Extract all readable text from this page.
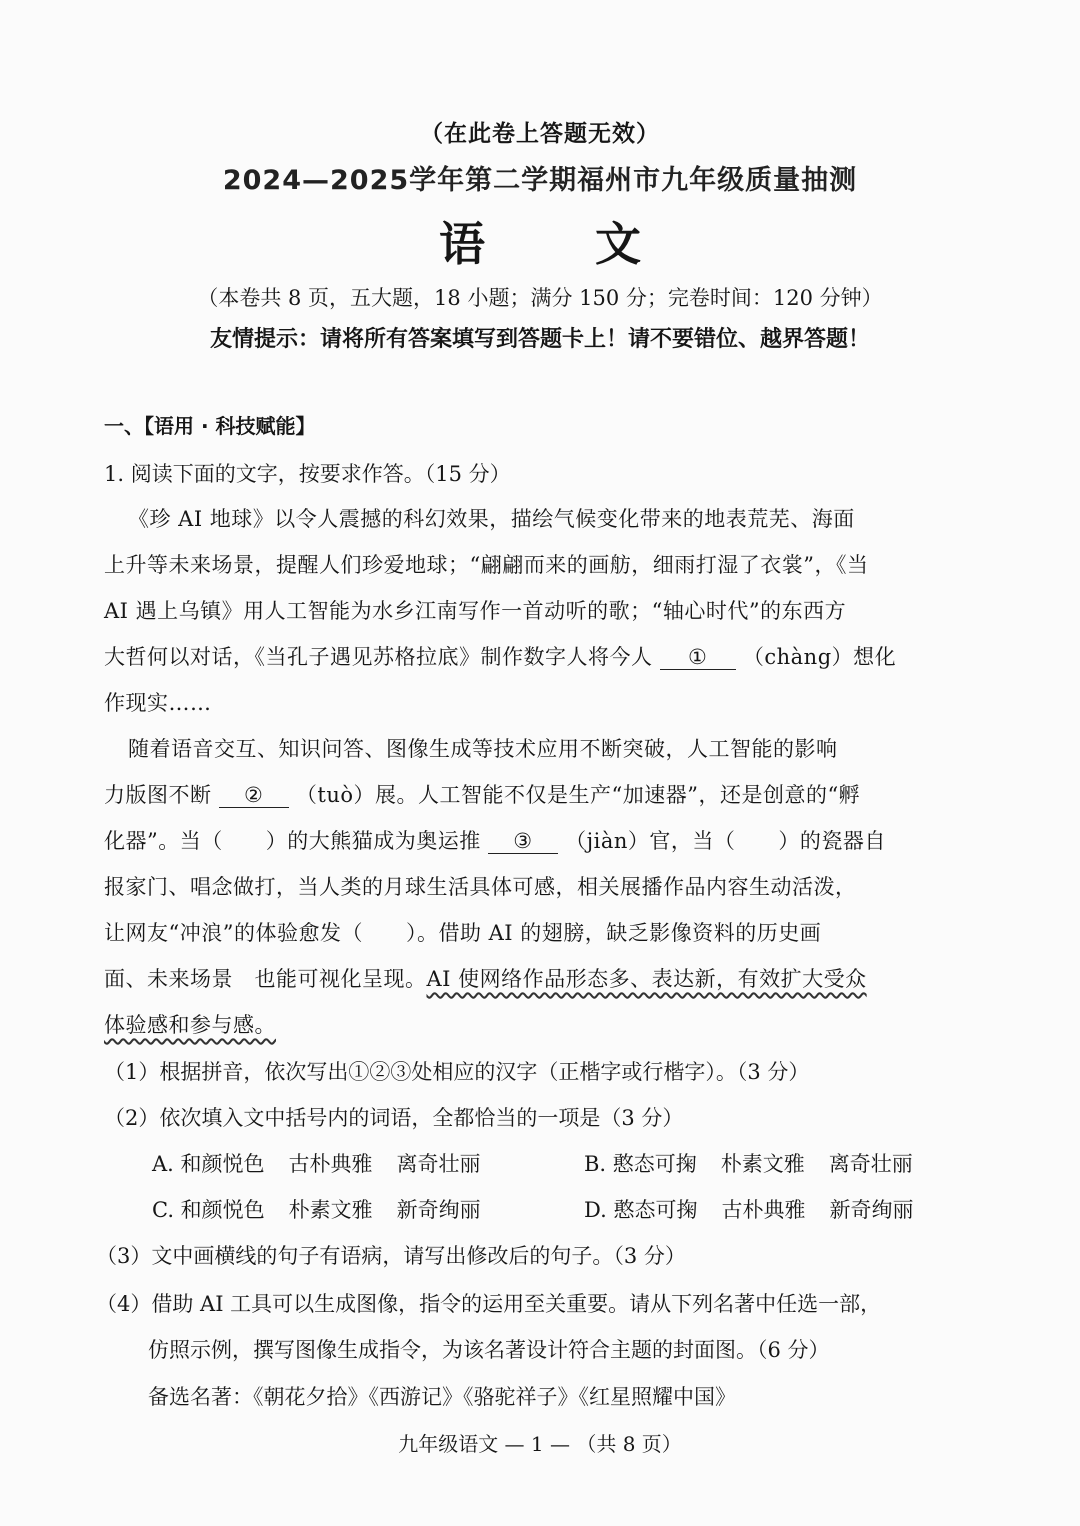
（在此卷上答题无效）
2024—2025学年第二学期福州市九年级质量抽测
语 文
（本卷共 8 页，五大题，18 小题；满分 150 分；完卷时间：120 分钟）
友情提示：请将所有答案填写到答题卡上！请不要错位、越界答题！
一、【语用 · 科技赋能】
1. 阅读下面的文字，按要求作答。（15 分）
《珍 AI 地球》以令人震撼的科幻效果，描绘气候变化带来的地表荒芜、海面
上升等未来场景，提醒人们珍爱地球；“翩翩而来的画舫，细雨打湿了衣裳”，《当
AI 遇上乌镇》用人工智能为水乡江南写作一首动听的歌；“轴心时代”的东西方
大哲何以对话，《当孔子遇见苏格拉底》制作数字人将今人 ① （chàng）想化
作现实……
随着语音交互、知识问答、图像生成等技术应用不断突破，人工智能的影响
力版图不断 ② （tuò）展。人工智能不仅是生产“加速器”，还是创意的“孵
化器”。当（　　）的大熊猫成为奥运推 ③ （jiàn）官，当（　　）的瓷器自
报家门、唱念做打，当人类的月球生活具体可感，相关展播作品内容生动活泼，
让网友“冲浪”的体验愈发（　　）。借助 AI 的翅膀，缺乏影像资料的历史画
面、未来场景　也能可视化呈现。AI 使网络作品形态多、表达新，有效扩大受众
体验感和参与感。
（1）根据拼音，依次写出①②③处相应的汉字（正楷字或行楷字）。（3 分）
（2）依次填入文中括号内的词语，全都恰当的一项是（3 分）
A. 和颜悦色 古朴典雅 离奇壮丽	B. 憨态可掬 朴素文雅 离奇壮丽
C. 和颜悦色 朴素文雅 新奇绚丽	D. 憨态可掬 古朴典雅 新奇绚丽
（3）文中画横线的句子有语病，请写出修改后的句子。（3 分）
（4）借助 AI 工具可以生成图像，指令的运用至关重要。请从下列名著中任选一部，
仿照示例，撰写图像生成指令，为该名著设计符合主题的封面图。（6 分）
备选名著：《朝花夕拾》《西游记》《骆驼祥子》《红星照耀中国》
九年级语文 — 1 — （共 8 页）
